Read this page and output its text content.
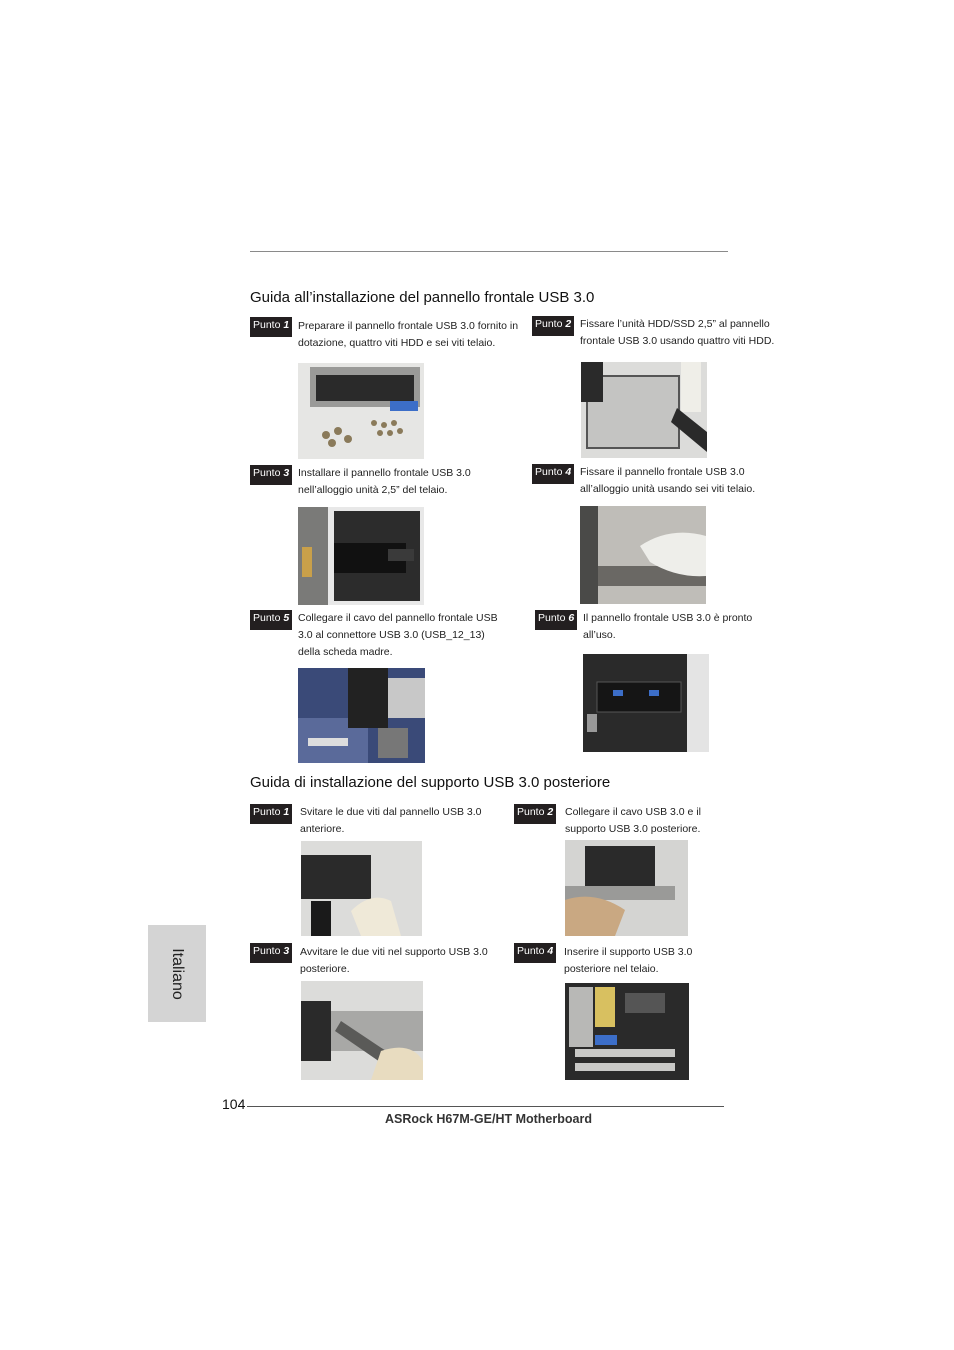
Guida all’installazione del pannello frontale USB 3.0
Punto 1 Preparare il pannello frontale USB 3.0 fornito in dotazione, quattro viti HDD e sei viti telaio.
Punto 2 Fissare l’unità HDD/SSD 2,5” al pannello frontale USB 3.0 usando quattro viti HDD.
Punto 3 Installare il pannello frontale USB 3.0 nell’alloggio unità 2,5” del telaio.
Punto 4 Fissare il pannello frontale USB 3.0 all’alloggio unità usando sei viti telaio.
Punto 5 Collegare il cavo del pannello frontale USB 3.0 al connettore USB 3.0 (USB_12_13) della scheda madre.
Punto 6 Il pannello frontale USB 3.0 è pronto all’uso.
Guida di installazione del supporto USB 3.0 posteriore
Punto 1 Svitare le due viti dal pannello USB 3.0 anteriore.
Punto 2 Collegare il cavo USB 3.0 e il supporto USB 3.0 posteriore.
Punto 3 Avvitare le due viti nel supporto USB 3.0 posteriore.
Punto 4 Inserire il supporto USB 3.0 posteriore nel telaio.
Italiano
104
ASRock H67M-GE/HT Motherboard
